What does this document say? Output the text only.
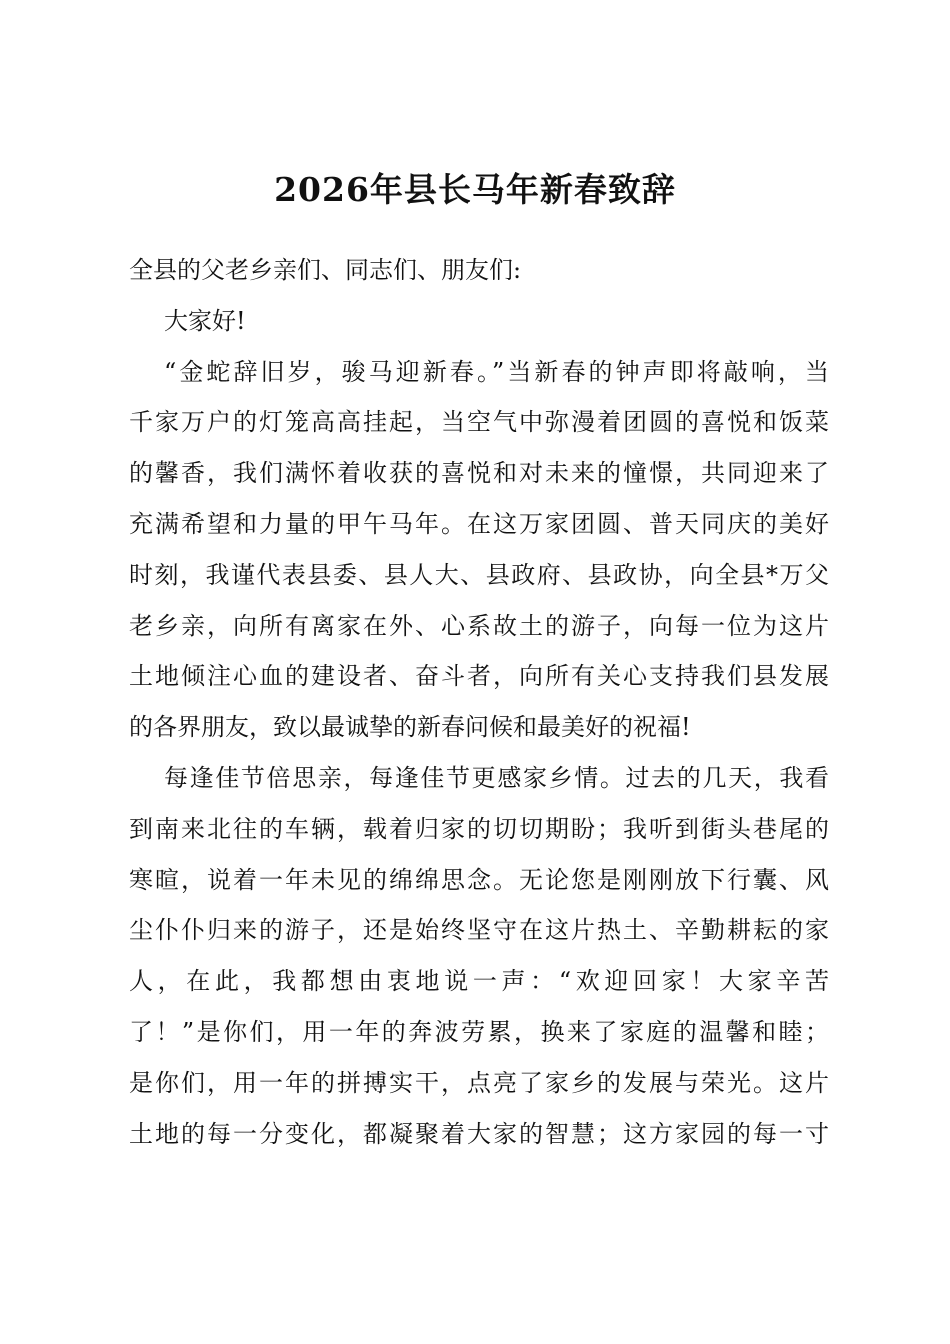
2026年县长马年新春致辞
全县的父老乡亲们、同志们、朋友们:
大家好!
“金蛇辞旧岁，骏马迎新春。”当新春的钟声即将敲响，当
千家万户的灯笼高高挂起，当空气中弥漫着团圆的喜悦和饭菜
的馨香，我们满怀着收获的喜悦和对未来的憧憬，共同迎来了
充满希望和力量的甲午马年。在这万家团圆、普天同庆的美好
时刻，我谨代表县委、县人大、县政府、县政协，向全县*万父
老乡亲，向所有离家在外、心系故土的游子，向每一位为这片
土地倾注心血的建设者、奋斗者，向所有关心支持我们县发展
的各界朋友，致以最诚挚的新春问候和最美好的祝福!
每逢佳节倍思亲，每逢佳节更感家乡情。过去的几天，我看
到南来北往的车辆，载着归家的切切期盼；我听到街头巷尾的
寒暄，说着一年未见的绵绵思念。无论您是刚刚放下行囊、风
尘仆仆归来的游子，还是始终坚守在这片热土、辛勤耕耘的家
人，在此，我都想由衷地说一声：“欢迎回家！大家辛苦
了！”是你们，用一年的奔波劳累，换来了家庭的温馨和睦；
是你们，用一年的拼搏实干，点亮了家乡的发展与荣光。这片
土地的每一分变化，都凝聚着大家的智慧；这方家园的每一寸
